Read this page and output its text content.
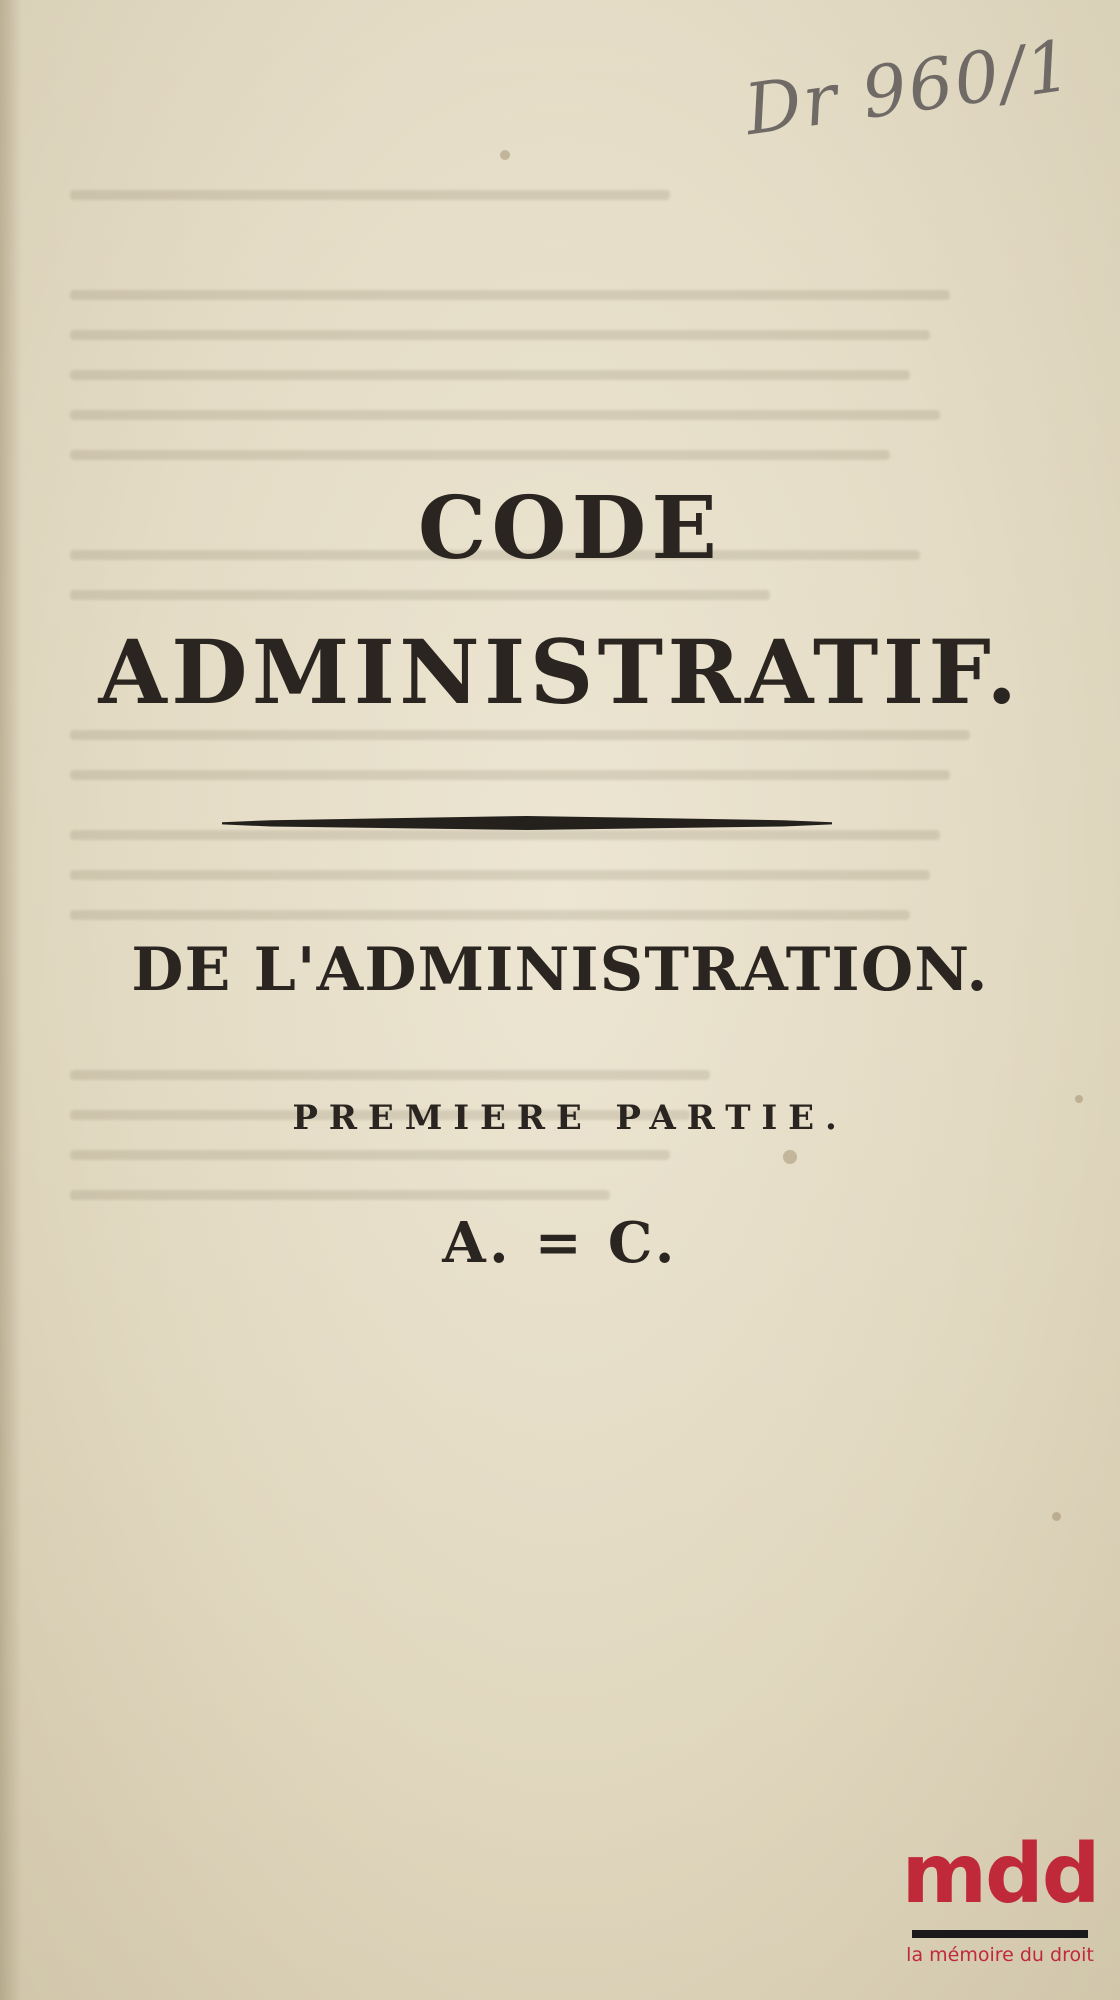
Dr 960/1
CODE
ADMINISTRATIF.
DE L'ADMINISTRATION.
PREMIERE PARTIE.
A. = C.
mdd
la mémoire du droit
